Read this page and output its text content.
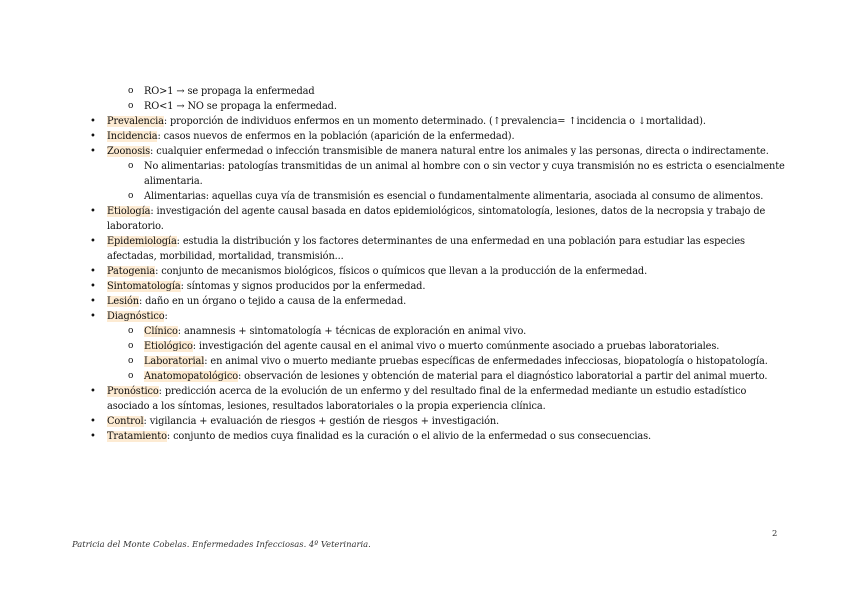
o RO>1 → se propaga la enfermedad
o RO<1 → NO se propaga la enfermedad.
• Prevalencia: proporción de individuos enfermos en un momento determinado. (↑prevalencia= ↑incidencia o ↓mortalidad).
• Incidencia: casos nuevos de enfermos en la población (aparición de la enfermedad).
• Zoonosis: cualquier enfermedad o infección transmisible de manera natural entre los animales y las personas, directa o indirectamente.
o No alimentarias: patologías transmitidas de un animal al hombre con o sin vector y cuya transmisión no es estricta o esencialmente
alimentaria.
o Alimentarias: aquellas cuya vía de transmisión es esencial o fundamentalmente alimentaria, asociada al consumo de alimentos.
• Etiología: investigación del agente causal basada en datos epidemiológicos, sintomatología, lesiones, datos de la necropsia y trabajo de
laboratorio.
• Epidemiología: estudia la distribución y los factores determinantes de una enfermedad en una población para estudiar las especies
afectadas, morbilidad, mortalidad, transmisión...
• Patogenia: conjunto de mecanismos biológicos, físicos o químicos que llevan a la producción de la enfermedad.
• Sintomatología: síntomas y signos producidos por la enfermedad.
• Lesión: daño en un órgano o tejido a causa de la enfermedad.
• Diagnóstico:
o Clínico: anamnesis + sintomatología + técnicas de exploración en animal vivo.
o Etiológico: investigación del agente causal en el animal vivo o muerto comúnmente asociado a pruebas laboratoriales.
o Laboratorial: en animal vivo o muerto mediante pruebas específicas de enfermedades infecciosas, biopatología o histopatología.
o Anatomopatológico: observación de lesiones y obtención de material para el diagnóstico laboratorial a partir del animal muerto.
• Pronóstico: predicción acerca de la evolución de un enfermo y del resultado final de la enfermedad mediante un estudio estadístico
asociado a los síntomas, lesiones, resultados laboratoriales o la propia experiencia clínica.
• Control: vigilancia + evaluación de riesgos + gestión de riesgos + investigación.
• Tratamiento: conjunto de medios cuya finalidad es la curación o el alivio de la enfermedad o sus consecuencias.
2
Patricia del Monte Cobelas. Enfermedades Infecciosas. 4º Veterinaria.
